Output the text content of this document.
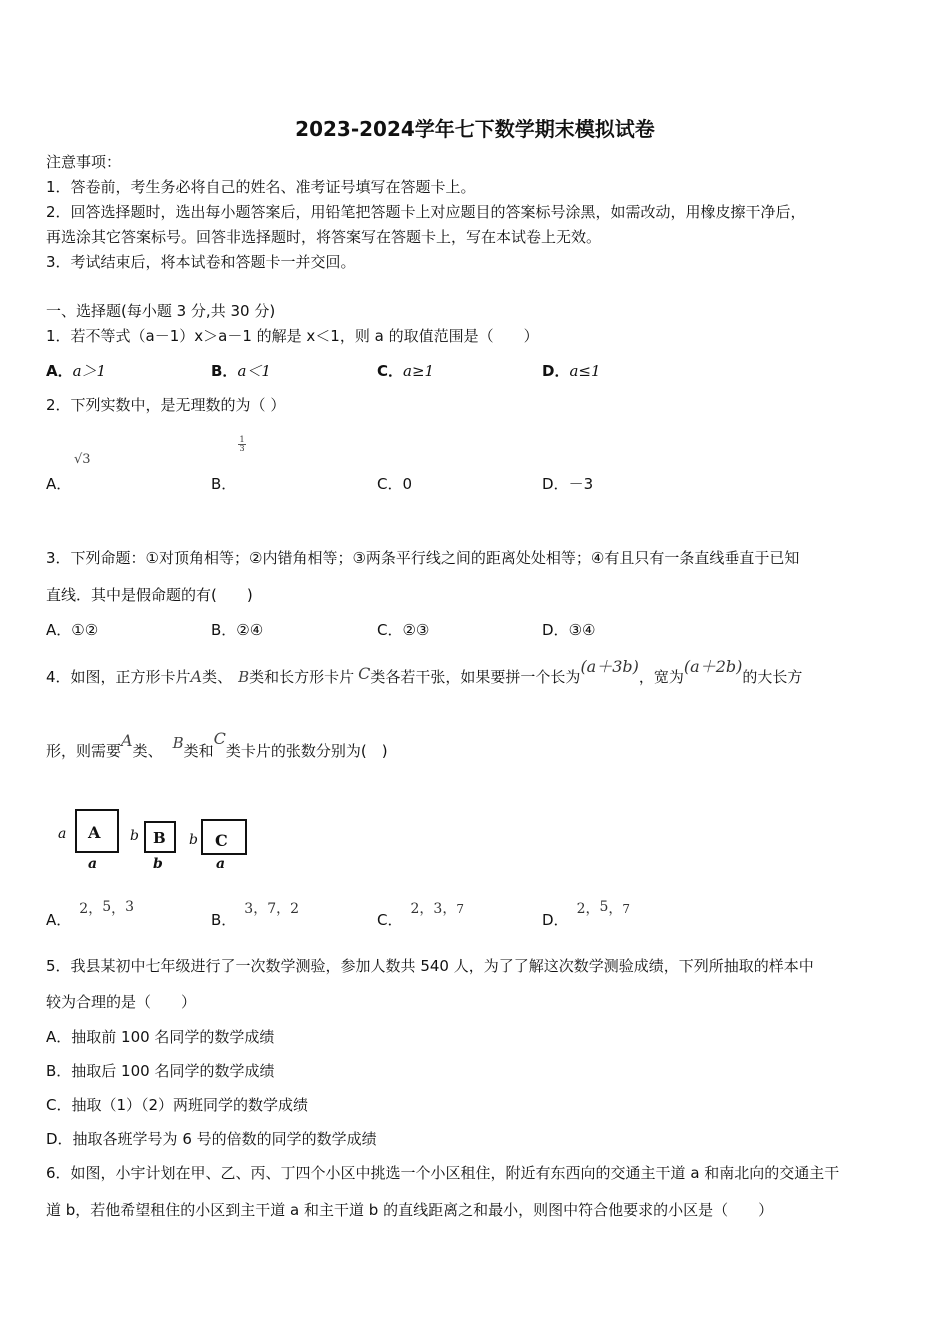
2023-2024学年七下数学期末模拟试卷
注意事项：
1．答卷前，考生务必将自己的姓名、准考证号填写在答题卡上。
2．回答选择题时，选出每小题答案后，用铅笔把答题卡上对应题目的答案标号涂黑，如需改动，用橡皮擦干净后，
再选涂其它答案标号。回答非选择题时，将答案写在答题卡上，写在本试卷上无效。
3．考试结束后，将本试卷和答题卡一并交回。
一、选择题(每小题 3 分,共 30 分)
1．若不等式（a－1）x＞a－1 的解是 x＜1，则 a 的取值范围是（　　）
A．a＞1	B．a＜1	C．a≥1	D．a≤1
2．下列实数中，是无理数的为（ ）
A．
√3
B．
1
3
C．0	D．－3
3．下列命题：①对顶角相等；②内错角相等；③两条平行线之间的距离处处相等；④有且只有一条直线垂直于已知
直线．其中是假命题的有(　　)
A．①②	B．②④	C．②③	D．③④
4．如图，正方形卡片A类、 B类和长方形卡片 C类各若干张，如果要拼一个长为(a＋3b)，宽为(a＋2b)的大长方
形，则需要A类、 B类和C类卡片的张数分别为(　)
a A
a
b B
b
b C
a
A．2，5，3
B．3，7，2
C．2，3，$^7$
D．2，5，$^7$
5．我县某初中七年级进行了一次数学测验，参加人数共 540 人，为了了解这次数学测验成绩，下列所抽取的样本中
较为合理的是（　　）
A．抽取前 100 名同学的数学成绩
B．抽取后 100 名同学的数学成绩
C．抽取（1）（2）两班同学的数学成绩
D．抽取各班学号为 6 号的倍数的同学的数学成绩
6．如图，小宇计划在甲、乙、丙、丁四个小区中挑选一个小区租住，附近有东西向的交通主干道 a 和南北向的交通主干
道 b，若他希望租住的小区到主干道 a 和主干道 b 的直线距离之和最小，则图中符合他要求的小区是（　　）
